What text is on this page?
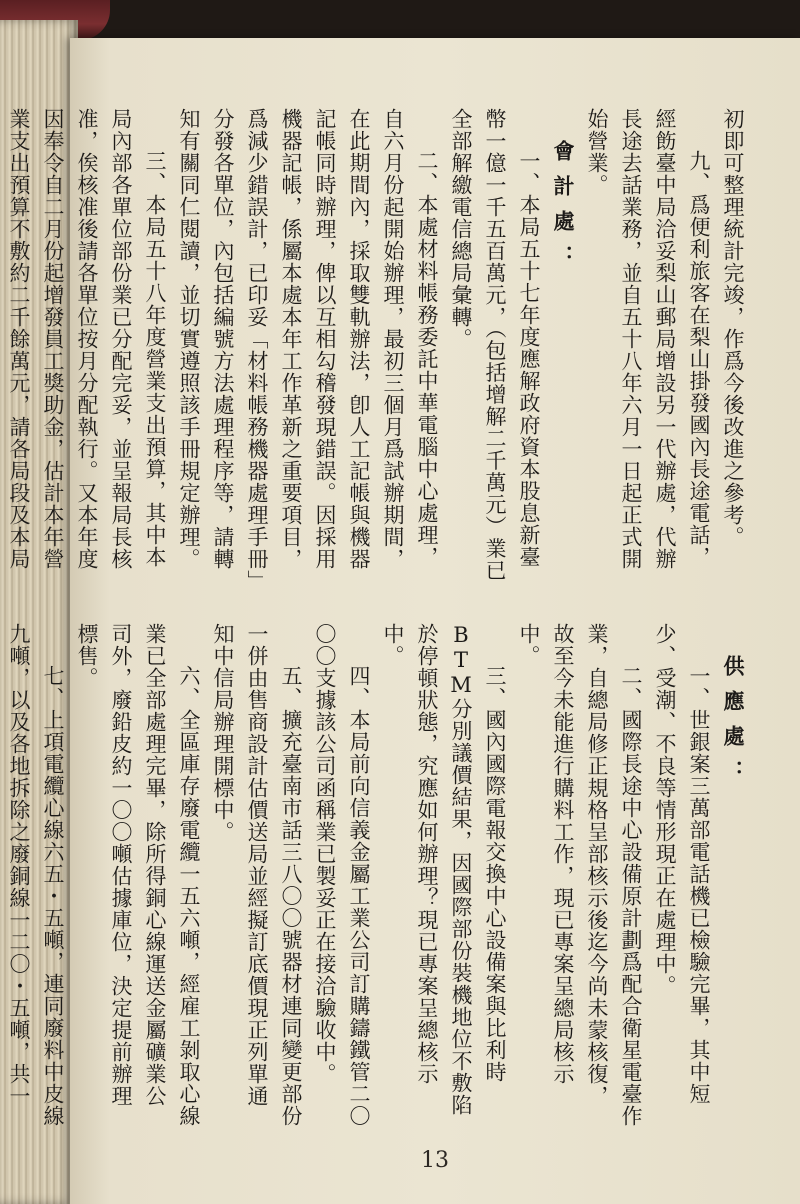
初即可整理統計完竣，作爲今後改進之參考。
九、爲便利旅客在梨山掛發國內長途電話，經飭臺中局洽妥梨山郵局增設另一代辦處，代辦長途去話業務，並自五十八年六月一日起正式開始營業。
會計處：
一、本局五十七年度應解政府資本股息新臺幣一億一千五百萬元，（包括增解二千萬元）業已全部解繳電信總局彙轉。
二、本處材料帳務委託中華電腦中心處理，自六月份起開始辦理，最初三個月爲試辦期間，在此期間內，採取雙軌辦法，卽人工記帳與機器記帳同時辦理，俾以互相勾稽發現錯誤。因採用機器記帳，係屬本處本年工作革新之重要項目，爲減少錯誤計，已印妥「材料帳務機器處理手冊」分發各單位，內包括編號方法處理程序等，請轉知有關同仁閱讀，並切實遵照該手冊規定辦理。
三、本局五十八年度營業支出預算，其中本局內部各單位部份業已分配完妥，並呈報局長核准，俟核准後請各單位按月分配執行。又本年度因奉令自二月份起增發員工獎助金，估計本年營業支出預算不敷約二千餘萬元，請各局段及本局
供應處：
一、世銀案三萬部電話機已檢驗完畢，其中短少、受潮、不良等情形現正在處理中。
二、國際長途中心設備原計劃爲配合衛星電臺作業，自總局修正規格呈部核示後迄今尚未蒙核復，故至今未能進行購料工作，現已專案呈總局核示中。
三、國內國際電報交換中心設備案與比利時BTM分別議價結果，因國際部份裝機地位不敷陷於停頓狀態，究應如何辦理？現已專案呈總核示中。
四、本局前向信義金屬工業公司訂購鑄鐵管二〇〇〇支據該公司函稱業已製妥正在接洽驗收中。
五、擴充臺南市話三八〇〇號器材連同變更部份一併由售商設計估價送局並經擬訂底價現正列單通知中信局辦理開標中。
六、全區庫存廢電纜一五六噸，經雇工剝取心線業已全部處理完畢，除所得銅心線運送金屬礦業公司外，廢鉛皮約一〇〇噸估據庫位，決定提前辦理標售。
七、上項電纜心線六五・五噸，連同廢料中皮線九噸，以及各地拆除之廢銅線一二〇・五噸，共一
13
